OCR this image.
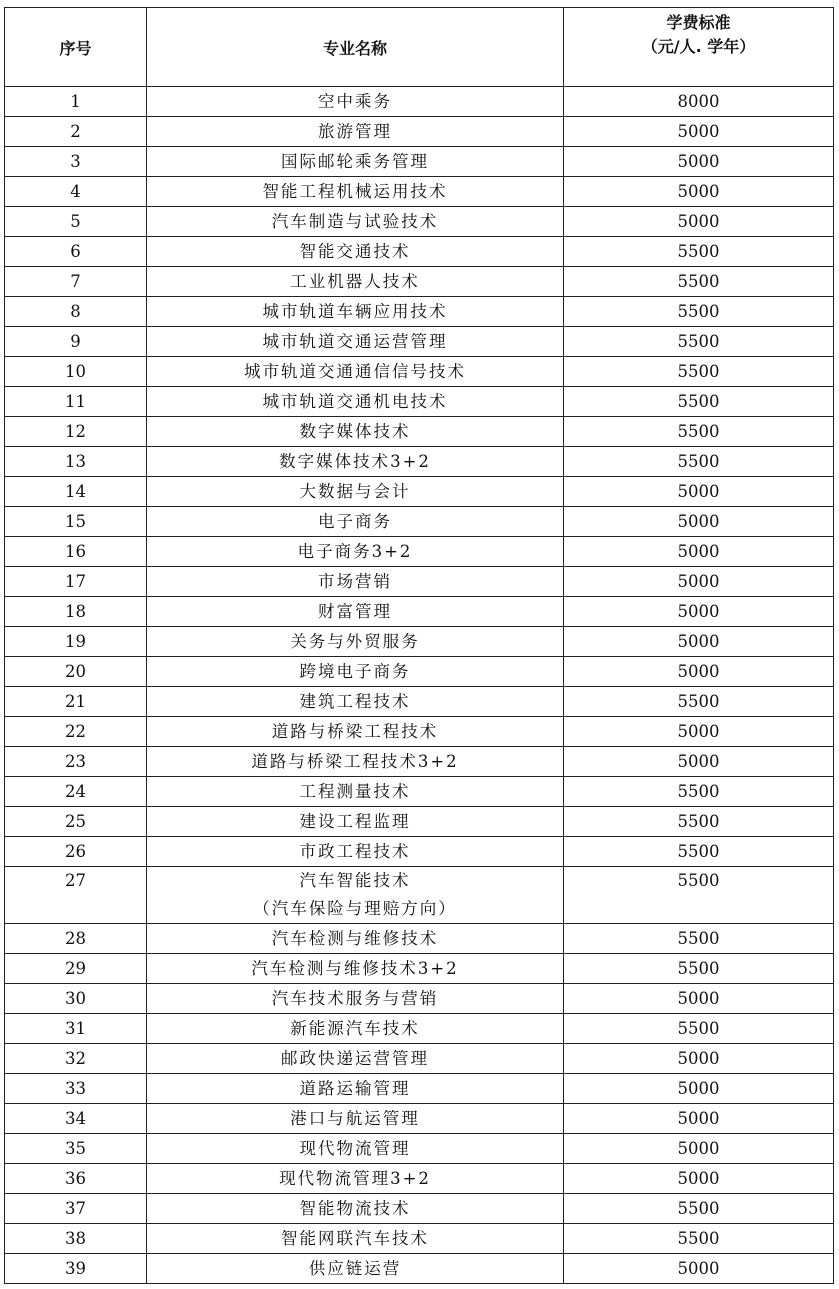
序号	专业名称	学费标准
（元/人. 学年）

1	空中乘务	8000
2	旅游管理	5000
3	国际邮轮乘务管理	5000
4	智能工程机械运用技术	5000
5	汽车制造与试验技术	5000
6	智能交通技术	5500
7	工业机器人技术	5500
8	城市轨道车辆应用技术	5500
9	城市轨道交通运营管理	5500
10	城市轨道交通通信信号技术	5500
11	城市轨道交通机电技术	5500
12	数字媒体技术	5500
13	数字媒体技术3+2	5500
14	大数据与会计	5000
15	电子商务	5000
16	电子商务3+2	5000
17	市场营销	5000
18	财富管理	5000
19	关务与外贸服务	5000
20	跨境电子商务	5000
21	建筑工程技术	5500
22	道路与桥梁工程技术	5000
23	道路与桥梁工程技术3+2	5000
24	工程测量技术	5500
25	建设工程监理	5500
26	市政工程技术	5500
27	汽车智能技术
（汽车保险与理赔方向）	5500
28	汽车检测与维修技术	5500
29	汽车检测与维修技术3+2	5500
30	汽车技术服务与营销	5000
31	新能源汽车技术	5500
32	邮政快递运营管理	5000
33	道路运输管理	5000
34	港口与航运管理	5000
35	现代物流管理	5000
36	现代物流管理3+2	5000
37	智能物流技术	5500
38	智能网联汽车技术	5500
39	供应链运营	5000
